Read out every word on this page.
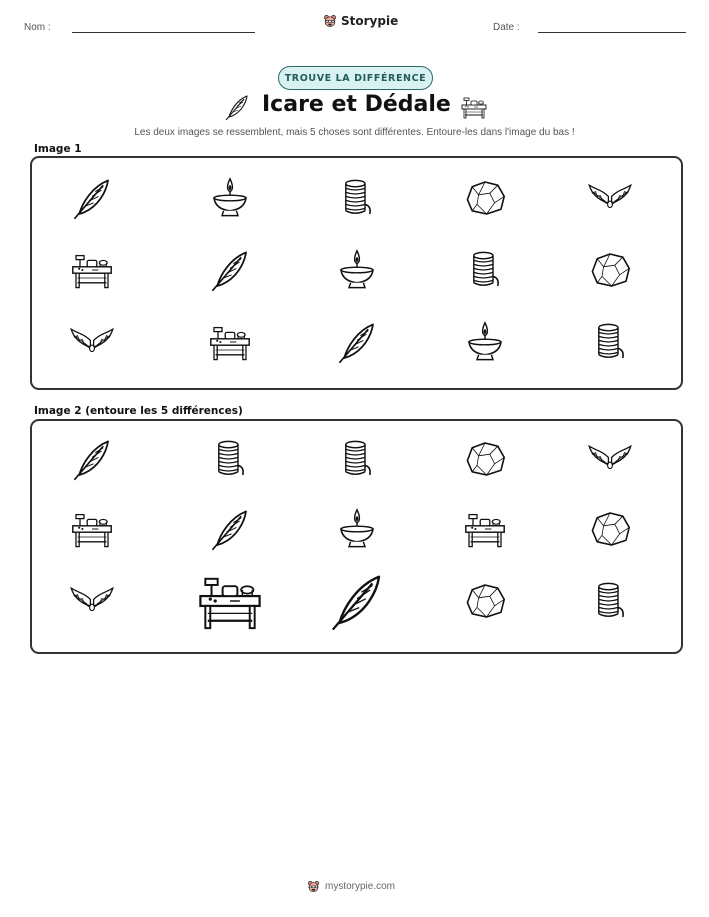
Nom :	Storypie	Date :
TROUVE LA DIFFÉRENCE
Icare et Dédale
Les deux images se ressemblent, mais 5 choses sont différentes. Entoure-les dans l'image du bas !
Image 1
Image 2 (entoure les 5 différences)
mystorypie.com
